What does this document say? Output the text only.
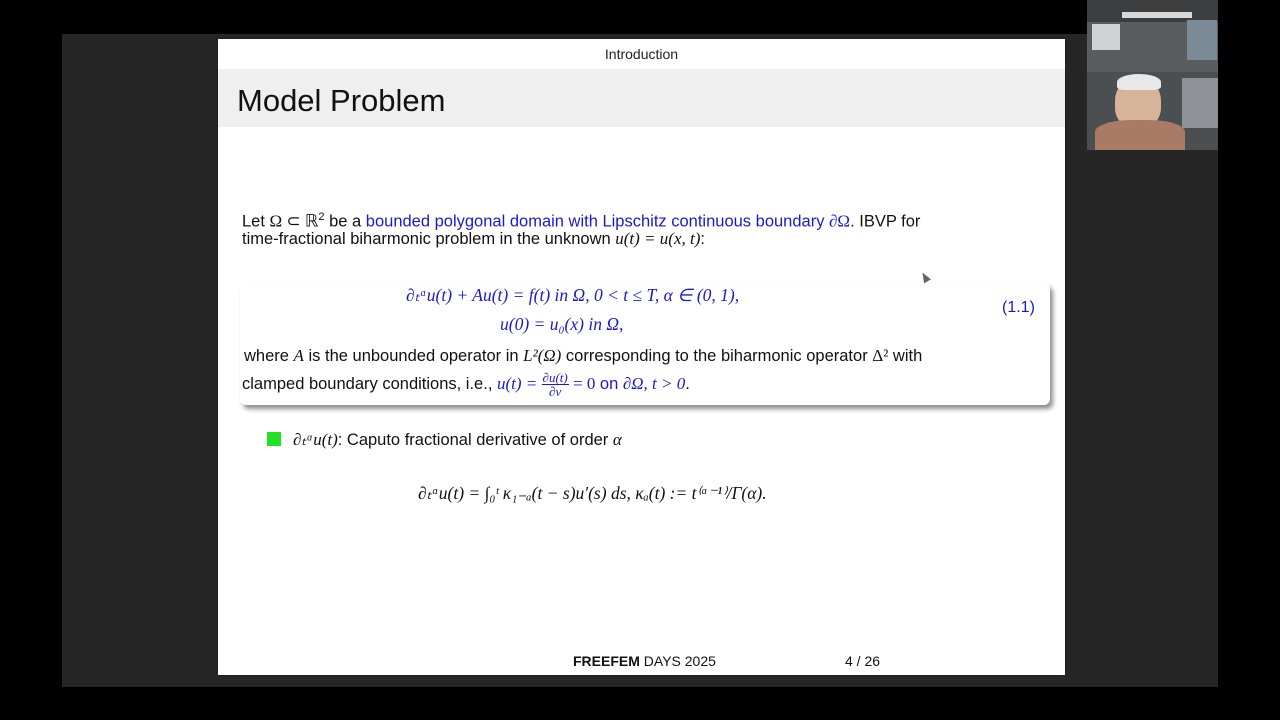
Introduction
Model Problem
Let Ω ⊂ ℝ$^2$ be a bounded polygonal domain with Lipschitz continuous boundary ∂Ω. IBVP for
time-fractional biharmonic problem in the unknown u(t) = u(x, t):
∂ₜᵅu(t) + Au(t) = f(t) in Ω, 0 < t ≤ T, α ∈ (0, 1),
u(0) = u₀(x) in Ω,
(1.1)
where A is the unbounded operator in L²(Ω) corresponding to the biharmonic operator Δ² with
clamped boundary conditions, i.e., $u(t) = \frac{\partial u(t)}{\partial\nu} = 0$ on ∂Ω, t > 0.
∂ₜᵅu(t): Caputo fractional derivative of order α
∂ₜᵅu(t) = ∫₀ᵗ κ₁₋ₐ(t − s)u′(s) ds, κₐ(t) := t⁽ᵅ⁻¹⁾/Γ(α).
FREEFEM DAYS 2025	4 / 26
